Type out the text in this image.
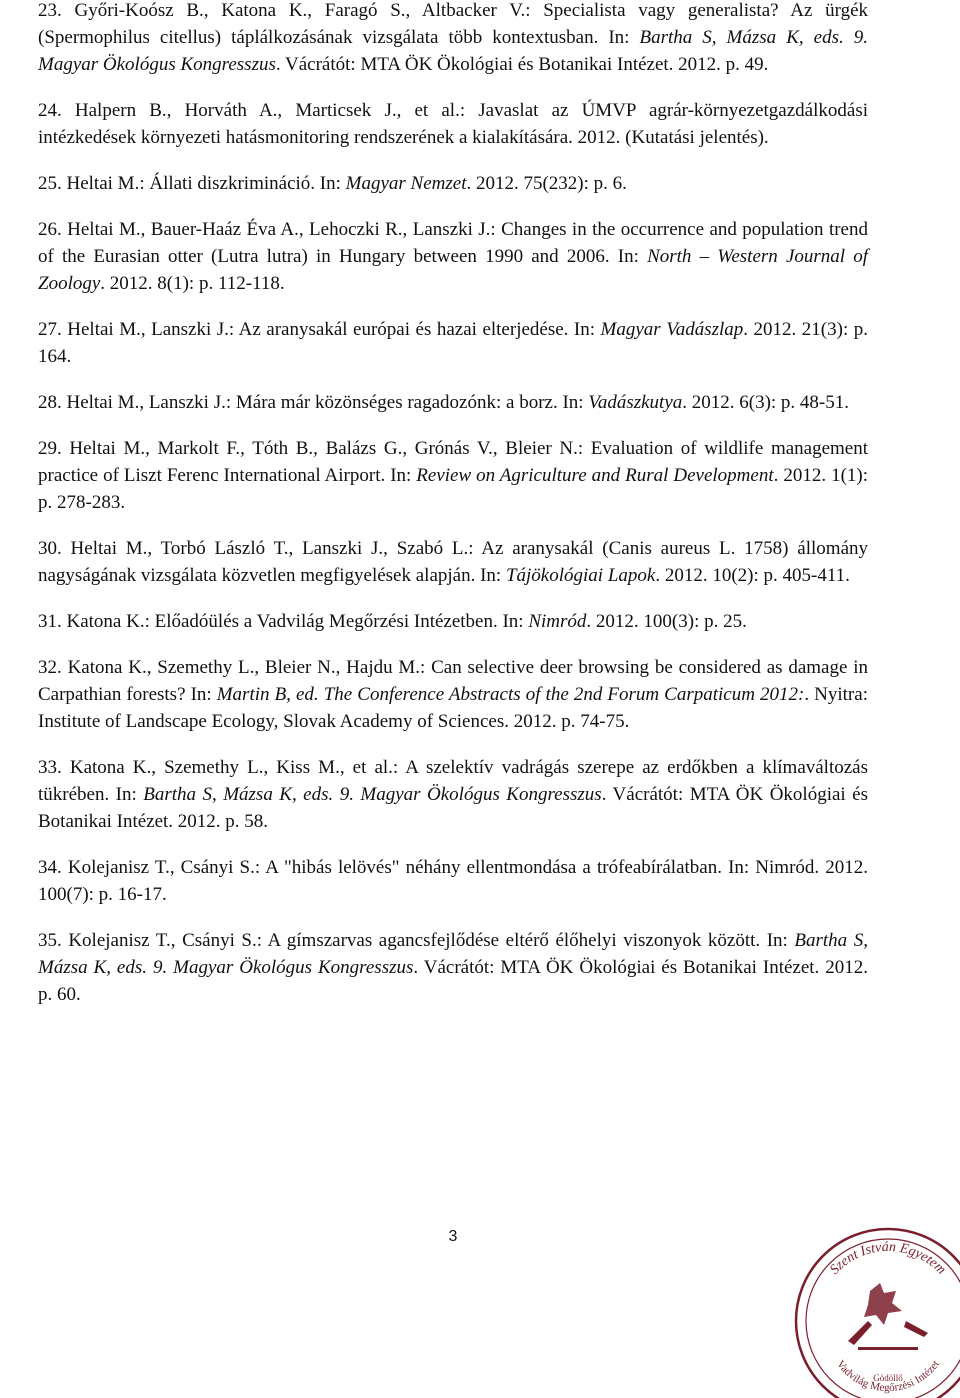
23. Győri-Koósz B., Katona K., Faragó S., Altbacker V.: Specialista vagy generalista? Az ürgék (Spermophilus citellus) táplálkozásának vizsgálata több kontextusban. In: Bartha S, Mázsa K, eds. 9. Magyar Ökológus Kongresszus. Vácrátót: MTA ÖK Ökológiai és Botanikai Intézet. 2012. p. 49.

24. Halpern B., Horváth A., Marticsek J., et al.: Javaslat az ÚMVP agrár-környezetgazdálkodási intézkedések környezeti hatásmonitoring rendszerének a kialakítására. 2012. (Kutatási jelentés).

25. Heltai M.: Állati diszkrimináció. In: Magyar Nemzet. 2012. 75(232): p. 6.

26. Heltai M., Bauer-Haáz Éva A., Lehoczki R., Lanszki J.: Changes in the occurrence and population trend of the Eurasian otter (Lutra lutra) in Hungary between 1990 and 2006. In: North – Western Journal of Zoology. 2012. 8(1): p. 112-118.

27. Heltai M., Lanszki J.: Az aranysakál európai és hazai elterjedése. In: Magyar Vadászlap. 2012. 21(3): p. 164.

28. Heltai M., Lanszki J.: Mára már közönséges ragadozónk: a borz. In: Vadászkutya. 2012. 6(3): p. 48-51.

29. Heltai M., Markolt F., Tóth B., Balázs G., Grónás V., Bleier N.: Evaluation of wildlife management practice of Liszt Ferenc International Airport. In: Review on Agriculture and Rural Development. 2012. 1(1): p. 278-283.

30. Heltai M., Torbó László T., Lanszki J., Szabó L.: Az aranysakál (Canis aureus L. 1758) állomány nagyságának vizsgálata közvetlen megfigyelések alapján. In: Tájökológiai Lapok. 2012. 10(2): p. 405-411.

31. Katona K.: Előadóülés a Vadvilág Megőrzési Intézetben. In: Nimród. 2012. 100(3): p. 25.

32. Katona K., Szemethy L., Bleier N., Hajdu M.: Can selective deer browsing be considered as damage in Carpathian forests? In: Martin B, ed. The Conference Abstracts of the 2nd Forum Carpaticum 2012:. Nyitra: Institute of Landscape Ecology, Slovak Academy of Sciences. 2012. p. 74-75.

33. Katona K., Szemethy L., Kiss M., et al.: A szelektív vadrágás szerepe az erdőkben a klímaváltozás tükrében. In: Bartha S, Mázsa K, eds. 9. Magyar Ökológus Kongresszus. Vácrátót: MTA ÖK Ökológiai és Botanikai Intézet. 2012. p. 58.

34. Kolejanisz T., Csányi S.: A "hibás lelövés" néhány ellentmondása a trófeabírálatban. In: Nimród. 2012. 100(7): p. 16-17.

35. Kolejanisz T., Csányi S.: A gímszarvas agancsfejlődése eltérő élőhelyi viszonyok között. In: Bartha S, Mázsa K, eds. 9. Magyar Ökológus Kongresszus. Vácrátót: MTA ÖK Ökológiai és Botanikai Intézet. 2012. p. 60.

3
Szent István Egyetem
Vadvilág Megőrzési Intézet
Gödöllő
